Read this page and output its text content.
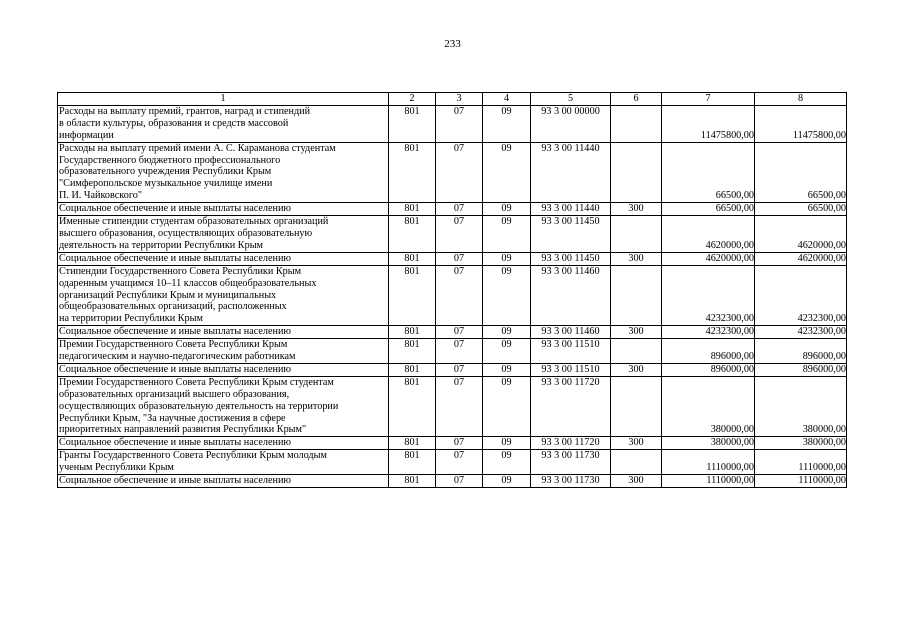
233
1	2	3	4	5	6	7	8
Расходы на выплату премий, грантов, наград и стипендий
в области культуры, образования и средств массовой
информации	801	07	09	93 3 00 00000		11475800,00	11475800,00
Расходы на выплату премий имени А. С. Караманова студентам
Государственного бюджетного профессионального
образовательного учреждения Республики Крым
"Симферопольское музыкальное училище имени
П. И. Чайковского"	801	07	09	93 3 00 11440		66500,00	66500,00
Социальное обеспечение и иные выплаты населению	801	07	09	93 3 00 11440	300	66500,00	66500,00
Именные стипендии студентам образовательных организаций
высшего образования, осуществляющих образовательную
деятельность на территории Республики Крым	801	07	09	93 3 00 11450		4620000,00	4620000,00
Социальное обеспечение и иные выплаты населению	801	07	09	93 3 00 11450	300	4620000,00	4620000,00
Стипендии Государственного Совета Республики Крым
одаренным учащимся 10–11 классов общеобразовательных
организаций Республики Крым и муниципальных
общеобразовательных организаций, расположенных
на территории Республики Крым	801	07	09	93 3 00 11460		4232300,00	4232300,00
Социальное обеспечение и иные выплаты населению	801	07	09	93 3 00 11460	300	4232300,00	4232300,00
Премии Государственного Совета Республики Крым
педагогическим и научно-педагогическим работникам	801	07	09	93 3 00 11510		896000,00	896000,00
Социальное обеспечение и иные выплаты населению	801	07	09	93 3 00 11510	300	896000,00	896000,00
Премии Государственного Совета Республики Крым студентам
образовательных организаций высшего образования,
осуществляющих образовательную деятельность на территории
Республики Крым, "За научные достижения в сфере
приоритетных направлений развития Республики Крым"	801	07	09	93 3 00 11720		380000,00	380000,00
Социальное обеспечение и иные выплаты населению	801	07	09	93 3 00 11720	300	380000,00	380000,00
Гранты Государственного Совета Республики Крым молодым
ученым Республики Крым	801	07	09	93 3 00 11730		1110000,00	1110000,00
Социальное обеспечение и иные выплаты населению	801	07	09	93 3 00 11730	300	1110000,00	1110000,00
